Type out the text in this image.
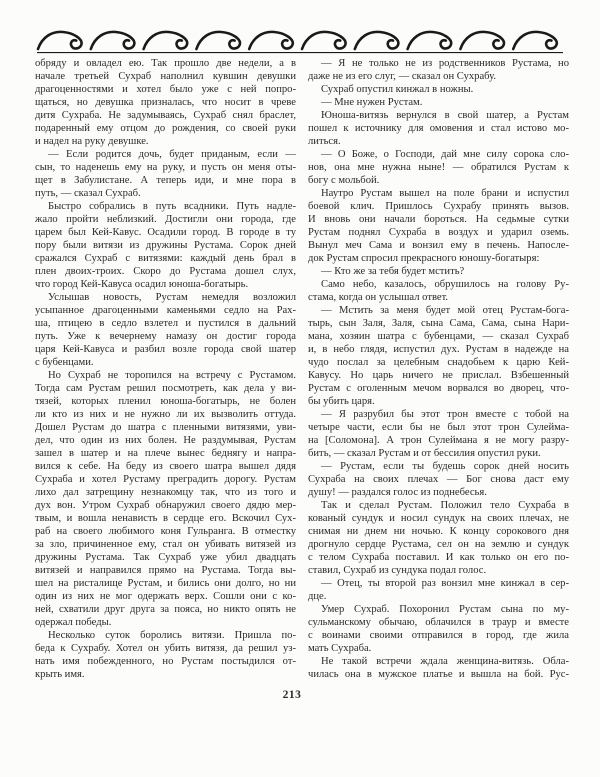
обряду и овладел ею. Так прошло две недели, а в
начале третьей Сухраб наполнил кувшин девушки
драгоценностями и хотел было уже с ней попро-
щаться, но девушка призналась, что носит в чреве
дитя Сухраба. Не задумываясь, Сухраб снял браслет,
подаренный ему отцом до рождения, со своей руки
и надел на руку девушке.
— Если родится дочь, будет приданым, если —
сын, то наденешь ему на руку, и пусть он меня оты-
щет в Забулистане. А теперь иди, и мне пора в
путь, — сказал Сухраб.
Быстро собрались в путь всадники. Путь надле-
жало пройти неблизкий. Достигли они города, где
царем был Кей-Кавус. Осадили город. В городе в ту
пору были витязи из дружины Рустама. Сорок дней
сражался Сухраб с витязями: каждый день брал в
плен двоих-троих. Скоро до Рустама дошел слух,
что город Кей-Кавуса осадил юноша-богатырь.
Услышав новость, Рустам немедля возложил
усыпанное драгоценными каменьями седло на Рах-
ша, птицею в седло взлетел и пустился в дальний
путь. Уже к вечернему намазу он достиг города
царя Кей-Кавуса и разбил возле города свой шатер
с бубенцами.
Но Сухраб не торопился на встречу с Рустамом.
Тогда сам Рустам решил посмотреть, как дела у ви-
тязей, которых пленил юноша-богатырь, не болен
ли кто из них и не нужно ли их вызволить оттуда.
Дошел Рустам до шатра с пленными витязями, уви-
дел, что один из них болен. Не раздумывая, Рустам
зашел в шатер и на плече вынес беднягу и напра-
вился к себе. На беду из своего шатра вышел дядя
Сухраба и хотел Рустаму преградить дорогу. Рустам
лихо дал затрещину незнакомцу так, что из того и
дух вон. Утром Сухраб обнаружил своего дядю мер-
твым, и вошла ненависть в сердце его. Вскочил Сух-
раб на своего любимого коня Гульранга. В отместку
за зло, причиненное ему, стал он убивать витязей из
дружины Рустама. Так Сухраб уже убил двадцать
витязей и направился прямо на Рустама. Тогда вы-
шел на ристалище Рустам, и бились они долго, но ни
один из них не мог одержать верх. Сошли они с ко-
ней, схватили друг друга за пояса, но никто опять не
одержал победы.
Несколько суток боролись витязи. Пришла по-
беда к Сухрабу. Хотел он убить витязя, да решил уз-
нать имя побежденного, но Рустам постыдился от-
крыть имя.
— Я не только не из родственников Рустама, но
даже не из его слуг, — сказал он Сухрабу.
Сухраб опустил кинжал в ножны.
— Мне нужен Рустам.
Юноша-витязь вернулся в свой шатер, а Рустам
пошел к источнику для омовения и стал истово мо-
литься.
— О Боже, о Господи, дай мне силу сорока сло-
нов, она мне нужна ныне! — обратился Рустам к
богу с мольбой.
Наутро Рустам вышел на поле брани и испустил
боевой клич. Пришлось Сухрабу принять вызов.
И вновь они начали бороться. На седьмые сутки
Рустам поднял Сухраба в воздух и ударил оземь.
Вынул меч Сама и вонзил ему в печень. Напосле-
док Рустам спросил прекрасного юношу-богатыря:
— Кто же за тебя будет мстить?
Само небо, казалось, обрушилось на голову Ру-
стама, когда он услышал ответ.
— Мстить за меня будет мой отец Рустам-бога-
тырь, сын Заля, Заля, сына Сама, Сама, сына Нари-
мана, хозяин шатра с бубенцами, — сказал Сухраб
и, в небо глядя, испустил дух. Рустам в надежде на
чудо послал за целебным снадобьем к царю Кей-
Кавусу. Но царь ничего не прислал. Взбешенный
Рустам с оголенным мечом ворвался во дворец, что-
бы убить царя.
— Я разрубил бы этот трон вместе с тобой на
четыре части, если бы не был этот трон Сулейма-
на [Соломона]. А трон Сулеймана я не могу разру-
бить, — сказал Рустам и от бессилия опустил руки.
— Рустам, если ты будешь сорок дней носить
Сухраба на своих плечах — Бог снова даст ему
душу! — раздался голос из поднебесья.
Так и сделал Рустам. Положил тело Сухраба в
кованый сундук и носил сундук на своих плечах, не
снимая ни днем ни ночью. К концу сорокового дня
дрогнуло сердце Рустама, сел он на землю и сундук
с телом Сухраба поставил. И как только он его по-
ставил, Сухраб из сундука подал голос.
— Отец, ты второй раз вонзил мне кинжал в сер-
дце.
Умер Сухраб. Похоронил Рустам сына по му-
сульманскому обычаю, облачился в траур и вместе
с воинами своими отправился в город, где жила
мать Сухраба.
Не такой встречи ждала женщина-витязь. Обла-
чилась она в мужское платье и вышла на бой. Рус-
213
